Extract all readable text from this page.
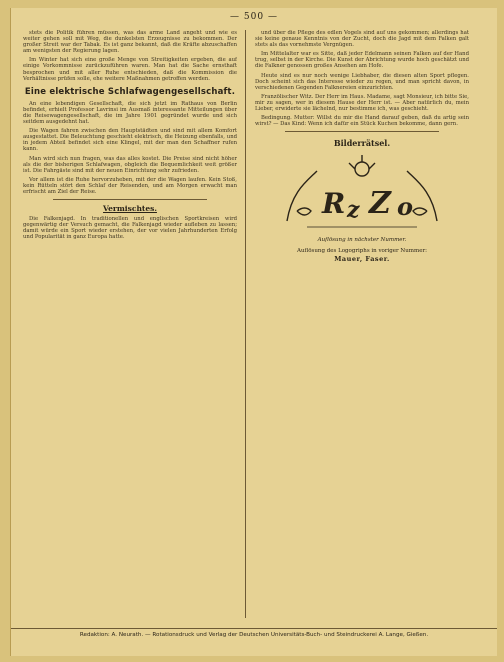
— 500 —

stets die Politik führen müssen, was das arme Land angeht und wie es weiter gehen soll mit Weg, die dunkelsten Erzeugnisse zu bekommen. Der großer Streit war der Tabak. Es ist ganz bekannt, daß die Kräfte abzuschaffen am wenigsten der Regierung lagen.

Im Winter hat sich eine große Menge von Streitigkeiten ergeben, die auf einige Vorkommnisse zurückzuführen waren. Man hat die Sache ernsthaft besprochen und mit aller Ruhe entschieden, daß die Kommission die Verhältnisse prüfen solle, ehe weitere Maßnahmen getroffen werden.

Eine elektrische Schlafwagengesellschaft.

An eine lebendigen Gesellschaft, die sich jetzt im Rathaus von Berlin befindet, erhielt Professor Lavrinsi im Ausmaß interessante Mitteilungen über die Reisewagengesellschaft, die im Jahre 1901 gegründet wurde und sich seitdem ausgedehnt hat.

Die Wagen fahren zwischen den Hauptstädten und sind mit allem Komfort ausgestattet. Die Beleuchtung geschieht elektrisch, die Heizung ebenfalls, und in jedem Abteil befindet sich eine Klingel, mit der man den Schaffner rufen kann.

Man wird sich nun fragen, was das alles kostet. Die Preise sind nicht höher als die der bisherigen Schlafwagen, obgleich die Bequemlichkeit weit größer ist. Die Fahrgäste sind mit der neuen Einrichtung sehr zufrieden.

Vor allem ist die Ruhe hervorzuheben, mit der die Wagen laufen. Kein Stoß, kein Rütteln stört den Schlaf der Reisenden, und am Morgen erwacht man erfrischt am Ziel der Reise.

Vermischtes.

Die Falkenjagd. In traditionellen und englischen Sportkreisen wird gegenwärtig der Versuch gemacht, die Falkenjagd wieder aufleben zu lassen; damit würde ein Sport wieder erstehen, der vor vielen Jahrhunderten Erfolg und Popularität in ganz Europa hatte.

und über die Pflege des edlen Vogels sind auf uns gekommen; allerdings hat sie keine genaue Kenntnis von der Zucht, doch die Jagd mit dem Falken galt stets als das vornehmste Vergnügen.

Im Mittelalter war es Sitte, daß jeder Edelmann seinen Falken auf der Hand trug, selbst in der Kirche. Die Kunst der Abrichtung wurde hoch geschätzt und die Falkner genossen großes Ansehen am Hofe.

Heute sind es nur noch wenige Liebhaber, die diesen alten Sport pflegen. Doch scheint sich das Interesse wieder zu regen, und man spricht davon, in verschiedenen Gegenden Falknereien einzurichten.

Franzölischer Witz. Der Herr im Haus. Madame, sagt Monsieur, ich bitte Sie, mir zu sagen, wer in diesem Hause der Herr ist. — Aber natürlich du, mein Lieber, erwiderte sie lächelnd, nur bestimme ich, was geschieht.

Bedingung. Mutter: Willst du mir die Hand darauf geben, daß du artig sein wirst? — Das Kind: Wenn ich dafür ein Stück Kuchen bekomme, dann gern.

Bilderrätsel.
R z Z o
Auflösung in nächster Nummer.
Auflösung des Logogriphs in voriger Nummer:
Mauer, Faser.
Redaktion: A. Neurath. — Rotationsdruck und Verlag der Deutschen Universitäts-Buch- und Steindruckerei A. Lange, Gießen.
